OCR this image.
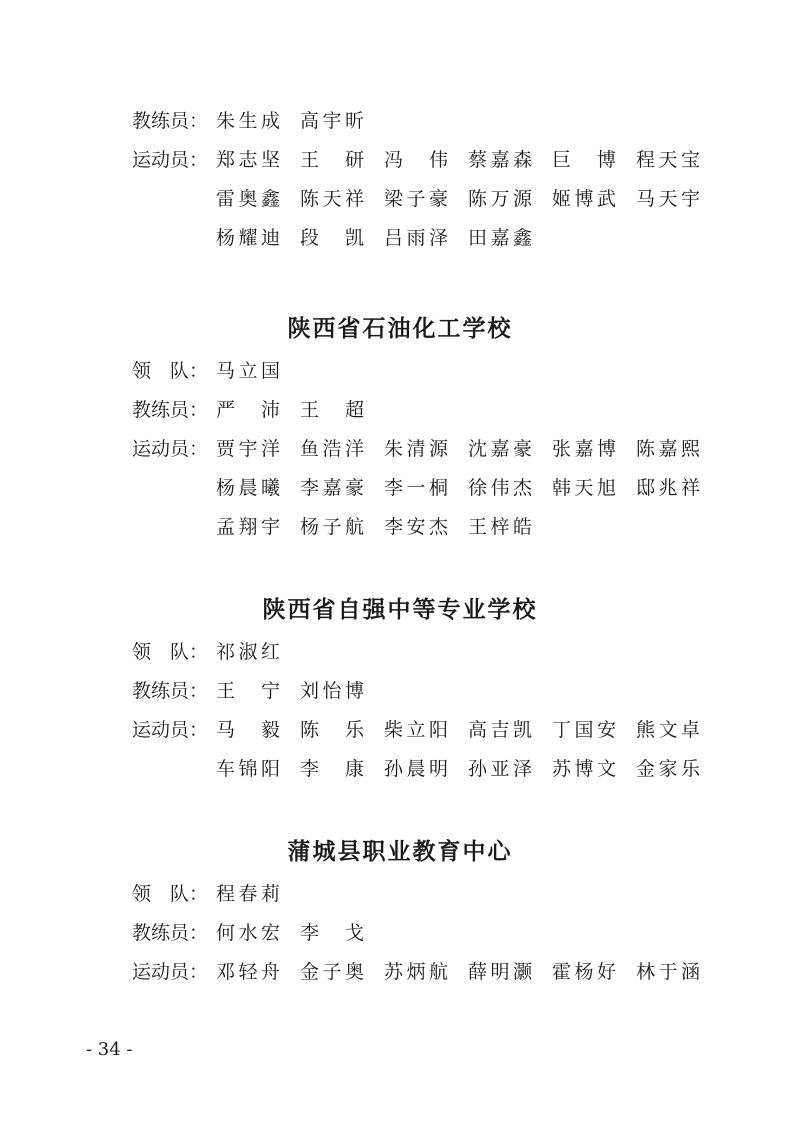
教练员： 朱生成 高宇昕
运动员： 郑志坚 王 研 冯 伟 蔡嘉森 巨 博 程天宝
雷奥鑫 陈天祥 梁子豪 陈万源 姬博武 马天宇
杨耀迪 段 凯 吕雨泽 田嘉鑫
陕西省石油化工学校
领　队： 马立国
教练员： 严 沛 王 超
运动员： 贾宇洋 鱼浩洋 朱清源 沈嘉豪 张嘉博 陈嘉熙
杨晨曦 李嘉豪 李一桐 徐伟杰 韩天旭 邸兆祥
孟翔宇 杨子航 李安杰 王梓皓
陕西省自强中等专业学校
领　队： 祁淑红
教练员： 王 宁 刘怡博
运动员： 马 毅 陈 乐 柴立阳 高吉凯 丁国安 熊文卓
车锦阳 李 康 孙晨明 孙亚泽 苏博文 金家乐
蒲城县职业教育中心
领　队： 程春莉
教练员： 何水宏 李 戈
运动员： 邓轻舟 金子奥 苏炳航 薛明灏 霍杨好 林于涵
- 34 -
